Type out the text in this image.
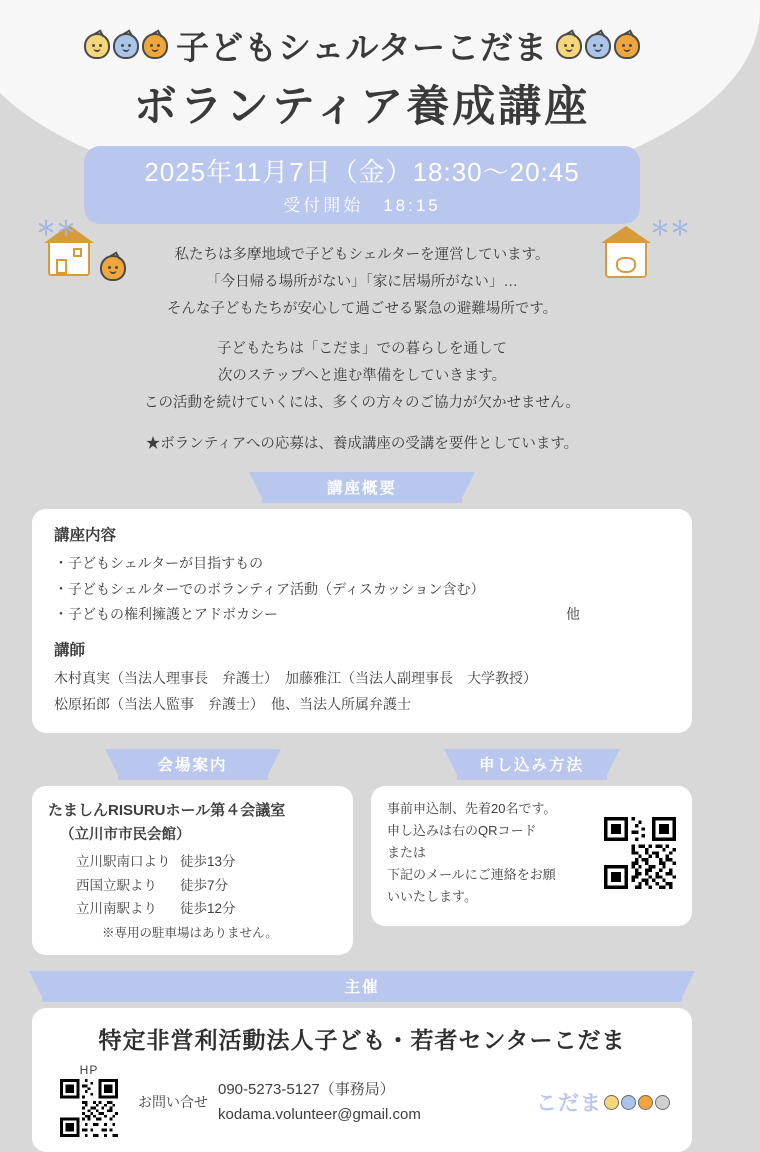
＊＊	＊＊
子どもシェルターこだま
ボランティア養成講座
2025年11月7日（金）18:30〜20:45
受付開始　18:15
私たちは多摩地域で子どもシェルターを運営しています。
「今日帰る場所がない」「家に居場所がない」…
そんな子どもたちが安心して過ごせる緊急の避難場所です。
子どもたちは「こだま」での暮らしを通して
次のステップへと進む準備をしていきます。
この活動を続けていくには、多くの方々のご協力が欠かせません。
★ボランティアへの応募は、養成講座の受講を要件としています。
講座概要
講座内容
・子どもシェルターが目指すもの
・子どもシェルターでのボランティア活動（ディスカッション含む）
・子どもの権利擁護とアドボカシー	他
講師
木村真実（当法人理事長　弁護士）　加藤雅江（当法人副理事長　大学教授）
松原拓郎（当法人監事　弁護士）　他、当法人所属弁護士
会場案内
たましんRISURUホール第４会議室
（立川市市民会館）
立川駅南口より 徒歩13分
西国立駅より	徒歩7分
立川南駅より	徒歩12分
※専用の駐車場はありません。
申し込み方法
事前申込制、先着20名です。
申し込みは右のQRコード
または
下記のメールにご連絡をお願
いいたします。
主催
特定非営利活動法人子ども・若者センターこだま
HP
お問い合せ
090-5273-5127（事務局）
kodama.volunteer@gmail.com	こだま
